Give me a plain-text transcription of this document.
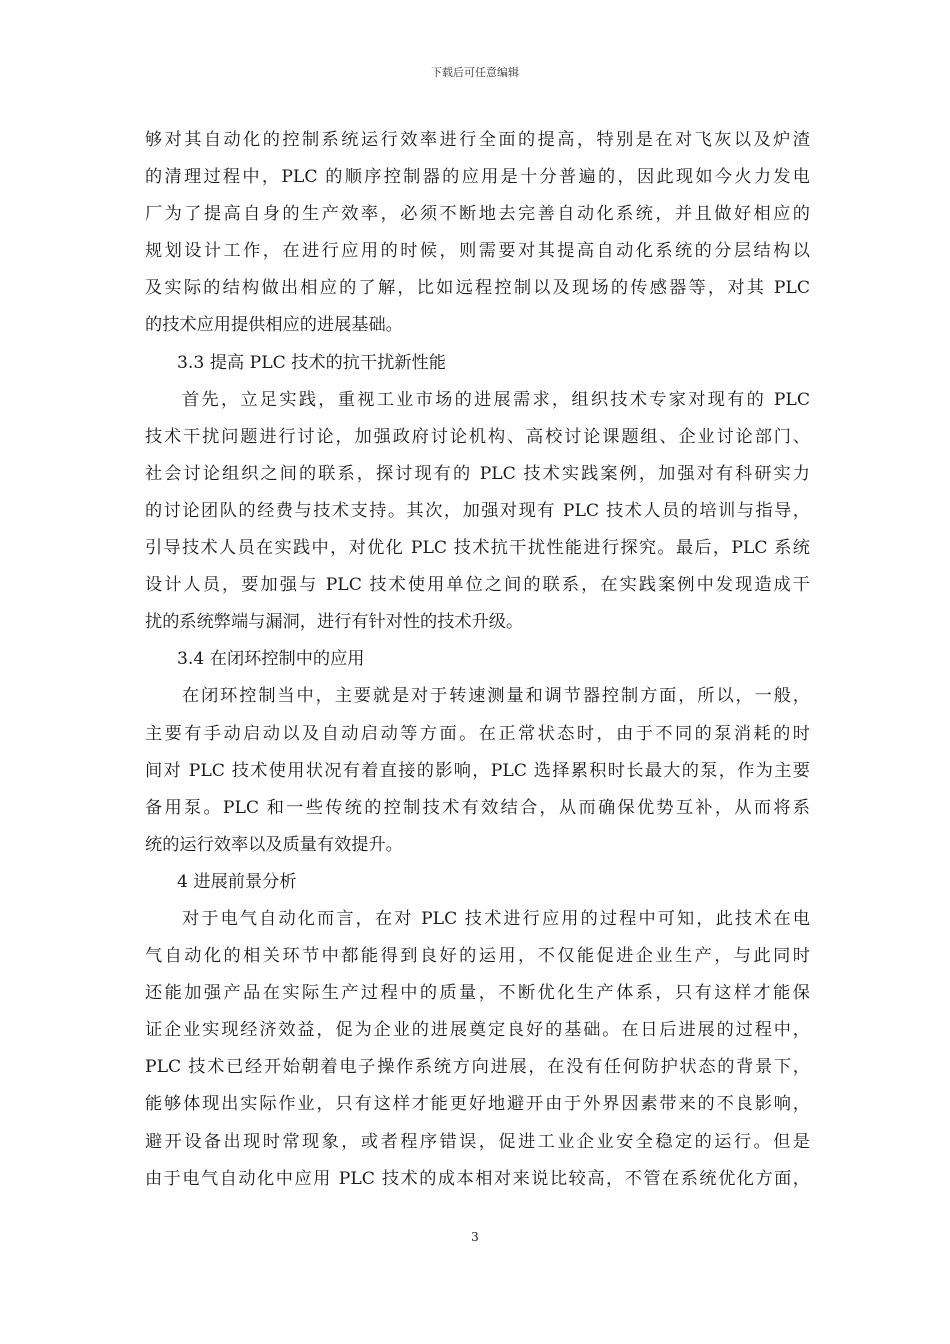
下载后可任意编辑
够对其自动化的控制系统运行效率进行全面的提高，特别是在对飞灰以及炉渣
的清理过程中，PLC 的顺序控制器的应用是十分普遍的，因此现如今火力发电
厂为了提高自身的生产效率，必须不断地去完善自动化系统，并且做好相应的
规划设计工作，在进行应用的时候，则需要对其提高自动化系统的分层结构以
及实际的结构做出相应的了解，比如远程控制以及现场的传感器等，对其 PLC
的技术应用提供相应的进展基础。
3.3 提高 PLC 技术的抗干扰新性能
首先，立足实践，重视工业市场的进展需求，组织技术专家对现有的 PLC
技术干扰问题进行讨论，加强政府讨论机构、高校讨论课题组、企业讨论部门、
社会讨论组织之间的联系，探讨现有的 PLC 技术实践案例，加强对有科研实力
的讨论团队的经费与技术支持。其次，加强对现有 PLC 技术人员的培训与指导，
引导技术人员在实践中，对优化 PLC 技术抗干扰性能进行探究。最后，PLC 系统
设计人员，要加强与 PLC 技术使用单位之间的联系，在实践案例中发现造成干
扰的系统弊端与漏洞，进行有针对性的技术升级。
3.4 在闭环控制中的应用
在闭环控制当中，主要就是对于转速测量和调节器控制方面，所以，一般，
主要有手动启动以及自动启动等方面。在正常状态时，由于不同的泵消耗的时
间对 PLC 技术使用状况有着直接的影响，PLC 选择累积时长最大的泵，作为主要
备用泵。PLC 和一些传统的控制技术有效结合，从而确保优势互补，从而将系
统的运行效率以及质量有效提升。
4 进展前景分析
对于电气自动化而言，在对 PLC 技术进行应用的过程中可知，此技术在电
气自动化的相关环节中都能得到良好的运用，不仅能促进企业生产，与此同时
还能加强产品在实际生产过程中的质量，不断优化生产体系，只有这样才能保
证企业实现经济效益，促为企业的进展奠定良好的基础。在日后进展的过程中，
PLC 技术已经开始朝着电子操作系统方向进展，在没有任何防护状态的背景下，
能够体现出实际作业，只有这样才能更好地避开由于外界因素带来的不良影响，
避开设备出现时常现象，或者程序错误，促进工业企业安全稳定的运行。但是
由于电气自动化中应用 PLC 技术的成本相对来说比较高，不管在系统优化方面，
3
